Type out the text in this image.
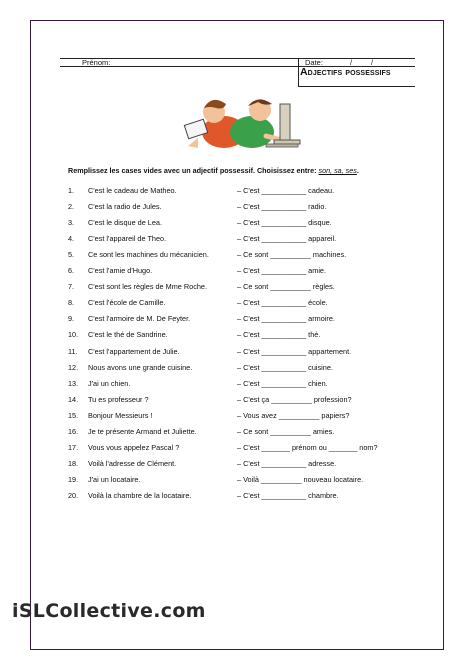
Prénom:	Date:	/	/
Adjectifs possessifs
Remplissez les cases vides avec un adjectif possessif. Choisissez entre: son, sa, ses.
1. C'est le cadeau de Matheo.	– C'est ___________ cadeau.
2. C'est la radio de Jules.	– C'est ___________ radio.
3. C'est le disque de Lea.	– C'est ___________ disque.
4. C'est l'appareil de Theo.	– C'est ___________ appareil.
5. Ce sont les machines du mécanicien.	– Ce sont __________ machines.
6. C'est l'amie d'Hugo.	– C'est ___________ amie.
7. C'est sont les règles de Mme Roche.	– Ce sont __________ règles.
8. C'est l'école de Camille.	– C'est ___________ école.
9. C'est l'armoire de M. De Feyter.	– C'est ___________ armoire.
10. C'est le thé de Sandrine.	– C'est ___________ thé.
11. C'est l'appartement de Julie.	– C'est ___________ appartement.
12. Nous avons une grande cuisine.	– C'est ___________ cuisine.
13. J'ai un chien.	– C'est ___________ chien.
14. Tu es professeur ?	– C'est ça __________ profession?
15. Bonjour Messieurs !	– Vous avez __________ papiers?
16. Je te présente Armand et Juliette.	– Ce sont __________ amies.
17. Vous vous appelez Pascal ?	– C'est _______ prénom ou _______ nom?
18. Voilà l'adresse de Clément.	– C'est ___________ adresse.
19. J'ai un locataire.	– Voilà __________ nouveau locataire.
20. Voilà la chambre de la locataire.	– C'est ___________ chambre.
iSLCollective.com
